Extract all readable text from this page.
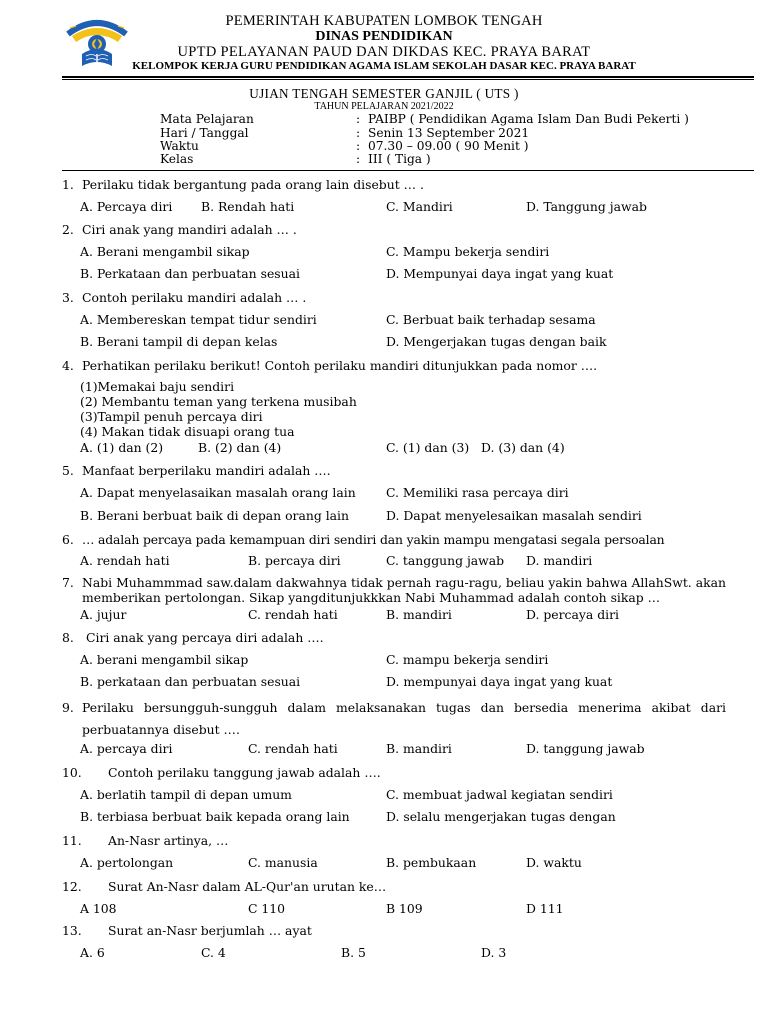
PEMERINTAH KABUPATEN LOMBOK TENGAH
DINAS PENDIDIKAN
UPTD PELAYANAN PAUD DAN DIKDAS KEC. PRAYA BARAT
KELOMPOK KERJA GURU PENDIDIKAN AGAMA ISLAM SEKOLAH DASAR KEC. PRAYA BARAT
UJIAN TENGAH SEMESTER GANJIL ( UTS )
TAHUN PELAJARAN 2021/2022
Mata Pelajaran	: PAIBP ( Pendidikan Agama Islam Dan Budi Pekerti )
Hari / Tanggal	: Senin 13 September 2021
Waktu	: 07.30 – 09.00 ( 90 Menit )
Kelas	: III ( Tiga )
1. Perilaku tidak bergantung pada orang lain disebut … .
A. Percaya diri B. Rendah hati	C. Mandiri	D. Tanggung jawab
2. Ciri anak yang mandiri adalah … .
A. Berani mengambil sikap	C. Mampu bekerja sendiri
B. Perkataan dan perbuatan sesuai	D. Mempunyai daya ingat yang kuat
3. Contoh perilaku mandiri adalah … .
A. Membereskan tempat tidur sendiri	C. Berbuat baik terhadap sesama
B. Berani tampil di depan kelas	D. Mengerjakan tugas dengan baik
4. Perhatikan perilaku berikut! Contoh perilaku mandiri ditunjukkan pada nomor ….
(1)Memakai baju sendiri
(2) Membantu teman yang terkena musibah
(3)Tampil penuh percaya diri
(4) Makan tidak disuapi orang tua
A. (1) dan (2)	B. (2) dan (4)	C. (1) dan (3) D. (3) dan (4)
5. Manfaat berperilaku mandiri adalah ….
A. Dapat menyelasaikan masalah orang lain C. Memiliki rasa percaya diri
B. Berani berbuat baik di depan orang lain	D. Dapat menyelesaikan masalah sendiri
6. … adalah percaya pada kemampuan diri sendiri dan yakin mampu mengatasi segala persoalan
A. rendah hati	B. percaya diri	C. tanggung jawab D. mandiri
7. Nabi Muhammmad saw.dalam dakwahnya tidak pernah ragu-ragu, beliau yakin bahwa AllahSwt. akan memberikan pertolongan. Sikap yangditunjukkkan Nabi Muhammad adalah contoh sikap …
A. jujur	C. rendah hati	B. mandiri	D. percaya diri
8. Ciri anak yang percaya diri adalah ….
A. berani mengambil sikap	C. mampu bekerja sendiri
B. perkataan dan perbuatan sesuai	D. mempunyai daya ingat yang kuat
9. Perilaku bersungguh-sungguh dalam melaksanakan tugas dan bersedia menerima akibat dari perbuatannya disebut ….
A. percaya diri	C. rendah hati	B. mandiri	D. tanggung jawab
10. Contoh perilaku tanggung jawab adalah ….
A. berlatih tampil di depan umum	C. membuat jadwal kegiatan sendiri
B. terbiasa berbuat baik kepada orang lain	D. selalu mengerjakan tugas dengan
11. An-Nasr artinya, …
A. pertolongan	C. manusia	B. pembukaan	D. waktu
12. Surat An-Nasr dalam AL-Qur'an urutan ke…
A 108	C 110	B 109	D 111
13. Surat an-Nasr berjumlah … ayat
A. 6	C. 4	B. 5	D. 3
